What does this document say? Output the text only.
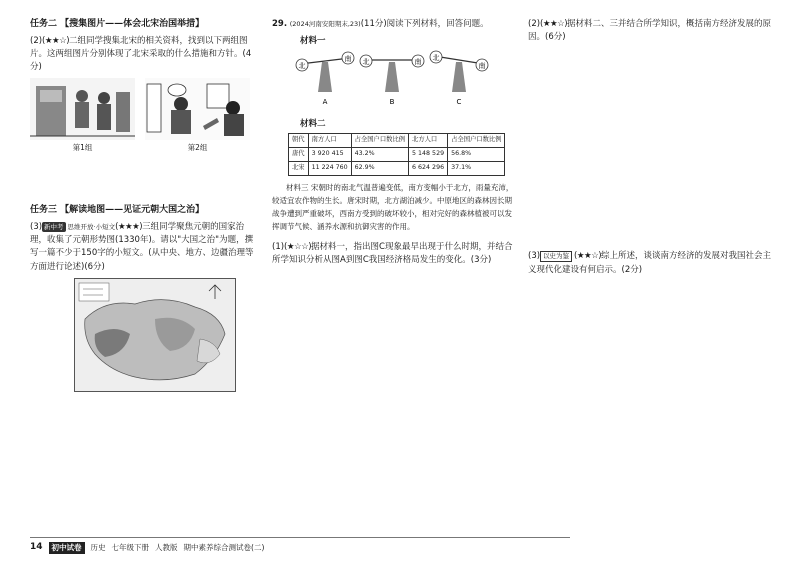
任务二 【搜集图片——体会北宋治国举措】

(2)(★★☆)二组同学搜集北宋的相关资料，找到以下两组图片。这两组图片分别体现了北宋采取的什么措施和方针。(4分)

第1组	第2组
任务三 【解读地图——见证元朝大国之治】

(3) 新中考 思维开放·小短文(★★★)三组同学聚焦元朝的国家治理，收集了元朝形势图(1330年)。请以"大国之治"为题，撰写一篇不少于150字的小短文。(从中央、地方、边疆治理等方面进行论述)(6分)

29. (2024河南安阳期末,23)(11分)阅读下列材料，回答问题。

材料一
北
南
A
北	南
B
北
南
C
材料二
朝代	南方人口	占全国户口数比例	北方人口	占全国户口数比例
唐代	3 920 415	43.2%	5 148 529	56.8%
北宋	11 224 760	62.9%	6 624 296	37.1%

材料三 宋朝时的南北气温普遍变低，南方变幅小于北方，雨量充沛，较适宜农作物的生长。唐宋时期，北方湖泊减少。中原地区的森林因长期战争遭到严重破坏，西南方受到的破坏较小，相对完好的森林植被可以发挥调节气候、涵养水源和抗御灾害的作用。

(1)(★☆☆)据材料一，指出图C现象最早出现于什么时期，并结合所学知识分析从图A到图C我国经济格局发生的变化。(3分)

(2)(★★☆)据材料二、三并结合所学知识，概括南方经济发展的原因。(6分)

(3) 以史为鉴 (★★☆)综上所述，谈谈南方经济的发展对我国社会主义现代化建设有何启示。(2分)

14	初中试卷	历史 七年级下册 人教版 期中素养综合测试卷(二)
